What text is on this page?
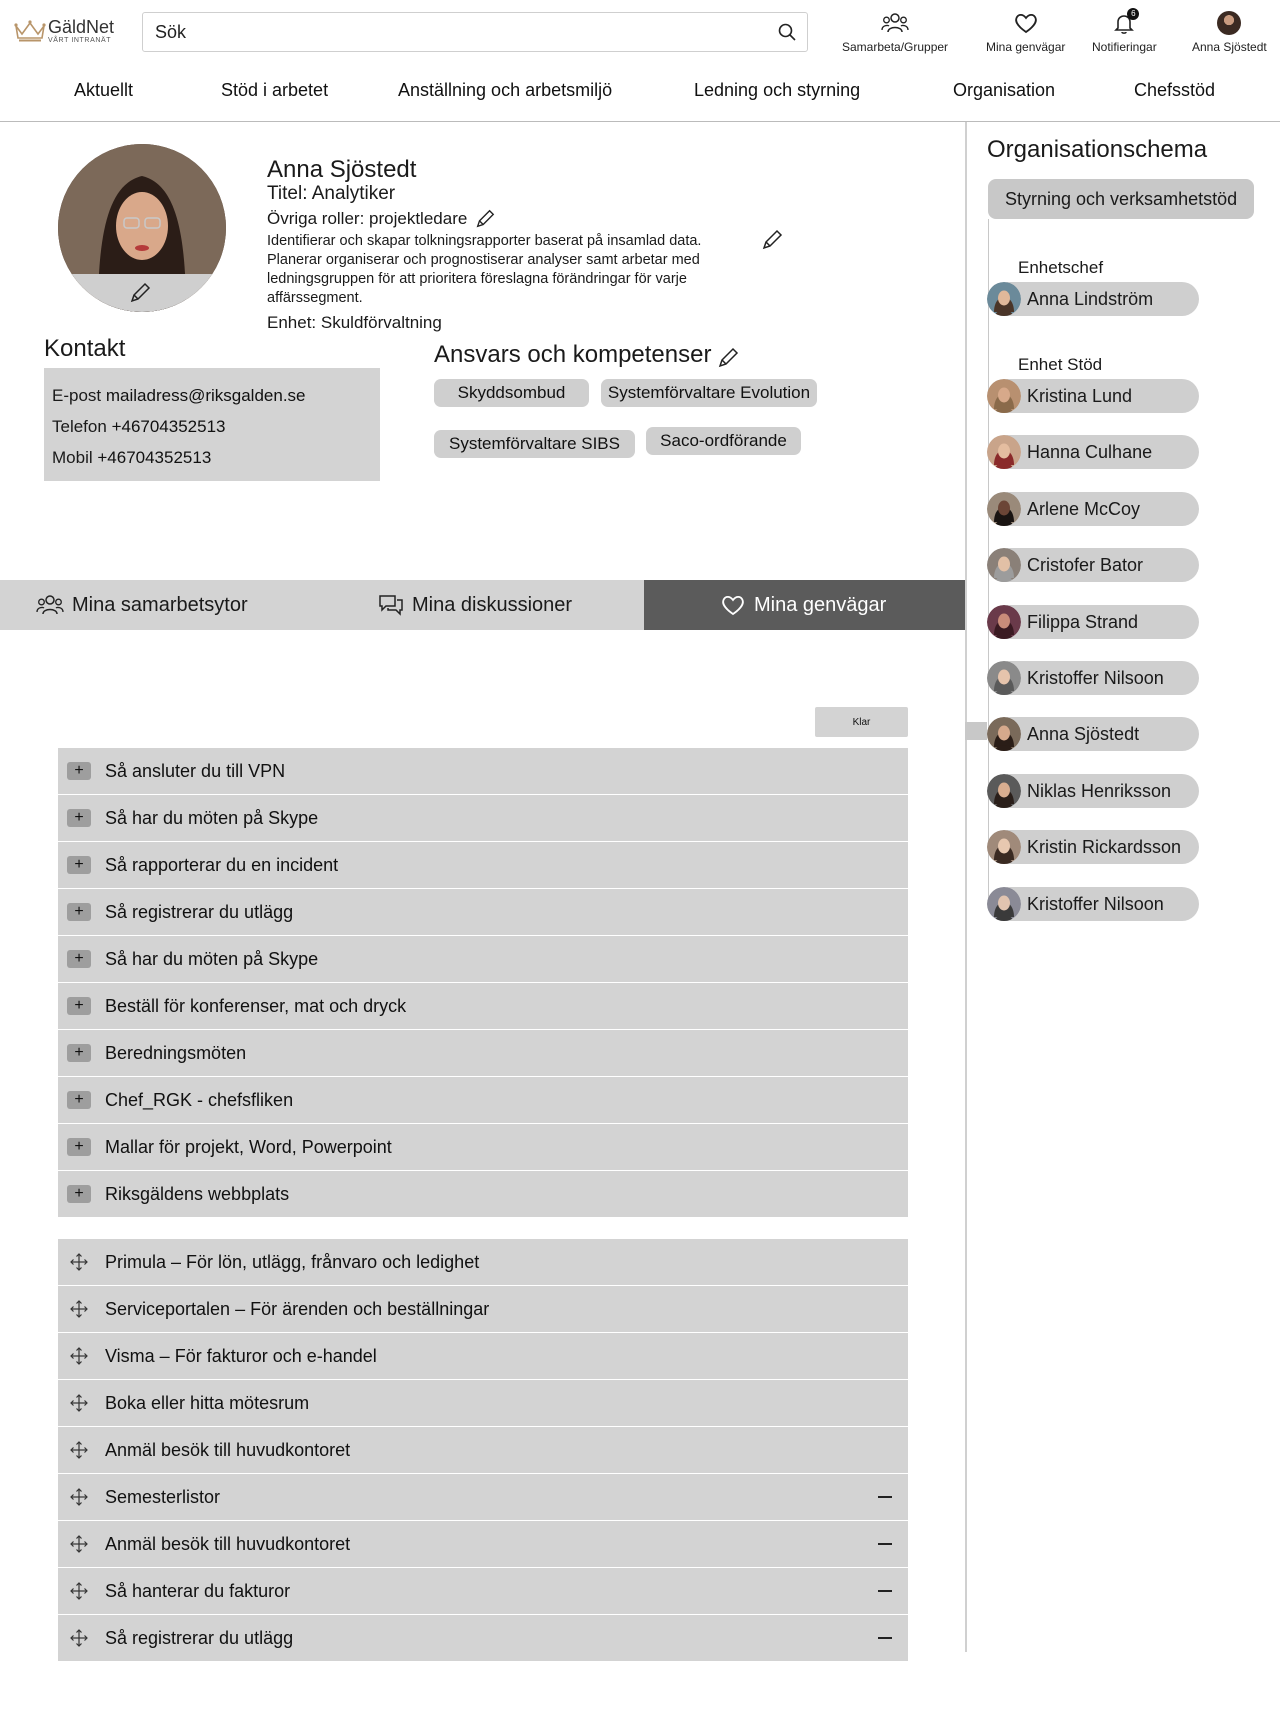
GäldNet
VÅRT INTRANÄT
Sök	Samarbeta/Grupper	Mina genvägar
6
Notifieringar	Anna Sjöstedt
Aktuellt	Stöd i arbetet	Anställning och arbetsmiljö	Ledning och styrning	Organisation	Chefsstöd
Anna Sjöstedt
Titel: Analytiker
Övriga roller: projektledare
Identifierar och skapar tolkningsrapporter baserat på insamlad data. Planerar organiserar och prognostiserar analyser samt arbetar med ledningsgruppen för att prioritera föreslagna förändringar för varje affärssegment.
Enhet: Skuldförvaltning
Kontakt
E-post mailadress@riksgalden.se
Telefon +46704352513
Mobil +46704352513
Ansvars och kompetenser
Skyddsombud	Systemförvaltare Evolution
Systemförvaltare SIBS	Saco-ordförande
Mina samarbetsytor	Mina diskussioner	Mina genvägar
Klar
+	Så ansluter du till VPN
+	Så har du möten på Skype
+	Så rapporterar du en incident
+	Så registrerar du utlägg
+	Så har du möten på Skype
+	Beställ för konferenser, mat och dryck
+	Beredningsmöten
+	Chef_RGK - chefsfliken
+	Mallar för projekt, Word, Powerpoint
+	Riksgäldens webbplats
Primula – För lön, utlägg, frånvaro och ledighet
Serviceportalen – För ärenden och beställningar
Visma – För fakturor och e-handel
Boka eller hitta mötesrum
Anmäl besök till huvudkontoret
Semesterlistor
Anmäl besök till huvudkontoret
Så hanterar du fakturor
Så registrerar du utlägg
Organisationschema
Styrning och verksamhetstöd
Enhetschef
Enhet Stöd
Anna Lindström
Kristina Lund
Hanna Culhane
Arlene McCoy
Cristofer Bator
Filippa Strand
Kristoffer Nilsoon
Anna Sjöstedt
Niklas Henriksson
Kristin Rickardsson
Kristoffer Nilsoon
